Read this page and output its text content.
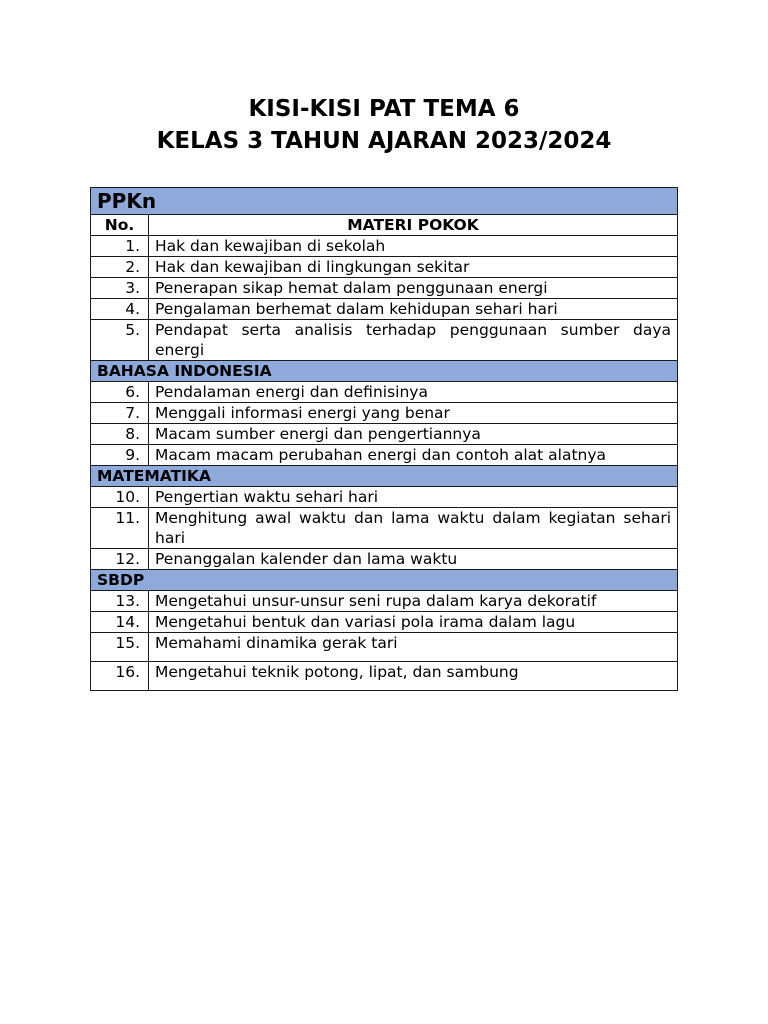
KISI-KISI PAT TEMA 6
KELAS 3 TAHUN AJARAN 2023/2024
PPKn	
No.	MATERI POKOK
1.	Hak dan kewajiban di sekolah
2.	Hak dan kewajiban di lingkungan sekitar
3.	Penerapan sikap hemat dalam penggunaan energi
4.	Pengalaman berhemat dalam kehidupan sehari hari
5.	Pendapat serta analisis terhadap penggunaan sumber daya energi
BAHASA INDONESIA	
6.	Pendalaman energi dan definisinya
7.	Menggali informasi energi yang benar
8.	Macam sumber energi dan pengertiannya
9.	Macam macam perubahan energi dan contoh alat alatnya
MATEMATIKA	
10.	Pengertian waktu sehari hari
11.	Menghitung awal waktu dan lama waktu dalam kegiatan sehari hari
12.	Penanggalan kalender dan lama waktu
SBDP	
13.	Mengetahui unsur-unsur seni rupa dalam karya dekoratif
14.	Mengetahui bentuk dan variasi pola irama dalam lagu
15.	Memahami dinamika gerak tari
16.	Mengetahui teknik potong, lipat, dan sambung
